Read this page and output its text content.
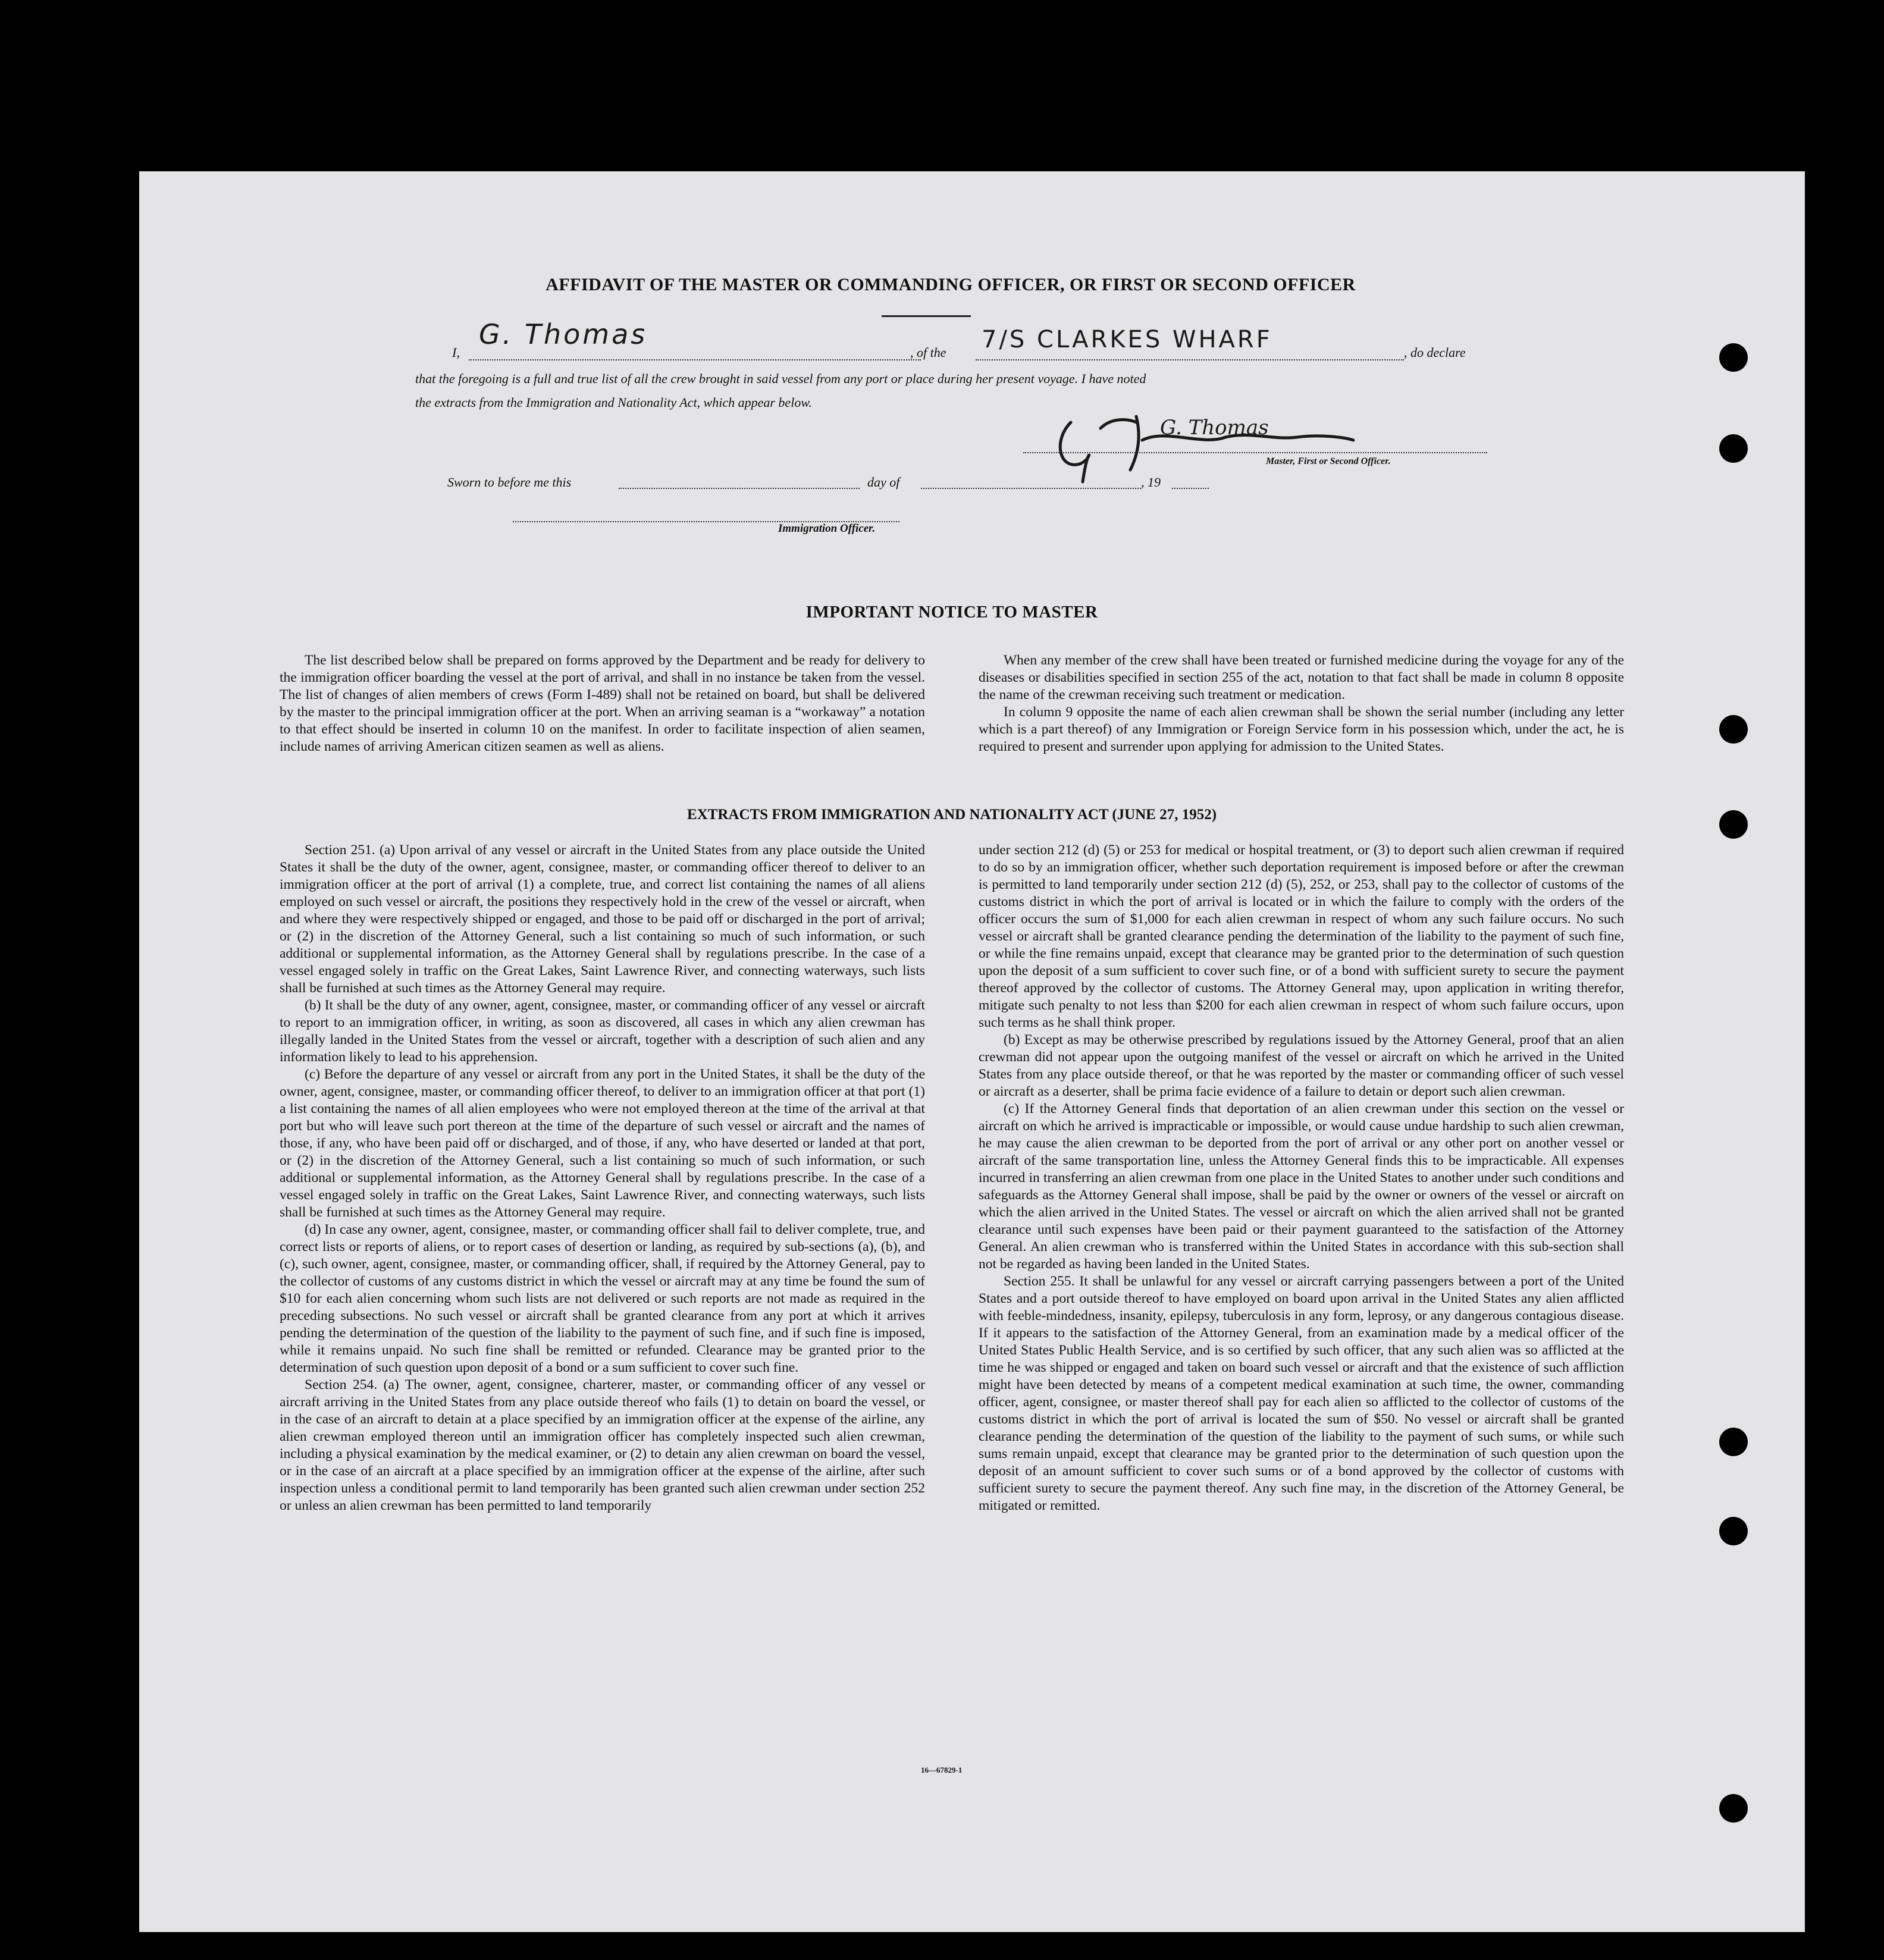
AFFIDAVIT OF THE MASTER OR COMMANDING OFFICER, OR FIRST OR SECOND OFFICER
I,
G. Thomas
, of the 7/S CLARKES WHARF	, do declare
that the foregoing is a full and true list of all the crew brought in said vessel from any port or place during her present voyage. I have noted
the extracts from the Immigration and Nationality Act, which appear below.
G. Thomas
Master, First or Second Officer.
Sworn to before me this	day of	, 19
Immigration Officer.
IMPORTANT NOTICE TO MASTER

The list described below shall be prepared on forms approved by the Department and be ready for delivery to the immigration officer boarding the vessel at the port of arrival, and shall in no instance be taken from the vessel. The list of changes of alien members of crews (Form I-489) shall not be retained on board, but shall be delivered by the master to the principal immigration officer at the port. When an arriving seaman is a “workaway” a notation to that effect should be inserted in column 10 on the manifest. In order to facilitate inspection of alien seamen, include names of arriving American citizen seamen as well as aliens.

When any member of the crew shall have been treated or furnished medicine during the voyage for any of the diseases or disabilities specified in section 255 of the act, notation to that fact shall be made in column 8 opposite the name of the crewman receiving such treatment or medication.

In column 9 opposite the name of each alien crewman shall be shown the serial number (including any letter which is a part thereof) of any Immigration or Foreign Service form in his possession which, under the act, he is required to present and surrender upon applying for admission to the United States.

EXTRACTS FROM IMMIGRATION AND NATIONALITY ACT (JUNE 27, 1952)

Section 251. (a) Upon arrival of any vessel or aircraft in the United States from any place outside the United States it shall be the duty of the owner, agent, consignee, master, or commanding officer thereof to deliver to an immigration officer at the port of arrival (1) a complete, true, and correct list containing the names of all aliens employed on such vessel or aircraft, the positions they respectively hold in the crew of the vessel or aircraft, when and where they were respectively shipped or engaged, and those to be paid off or discharged in the port of arrival; or (2) in the discretion of the Attorney General, such a list containing so much of such information, or such additional or supplemental information, as the Attorney General shall by regulations prescribe. In the case of a vessel engaged solely in traffic on the Great Lakes, Saint Lawrence River, and connecting waterways, such lists shall be furnished at such times as the Attorney General may require.

(b) It shall be the duty of any owner, agent, consignee, master, or commanding officer of any vessel or aircraft to report to an immigration officer, in writing, as soon as discovered, all cases in which any alien crewman has illegally landed in the United States from the vessel or aircraft, together with a description of such alien and any information likely to lead to his apprehension.

(c) Before the departure of any vessel or aircraft from any port in the United States, it shall be the duty of the owner, agent, consignee, master, or commanding officer thereof, to deliver to an immigration officer at that port (1) a list containing the names of all alien employees who were not employed thereon at the time of the arrival at that port but who will leave such port thereon at the time of the departure of such vessel or aircraft and the names of those, if any, who have been paid off or discharged, and of those, if any, who have deserted or landed at that port, or (2) in the discretion of the Attorney General, such a list containing so much of such information, or such additional or supplemental information, as the Attorney General shall by regulations prescribe. In the case of a vessel engaged solely in traffic on the Great Lakes, Saint Lawrence River, and connecting waterways, such lists shall be furnished at such times as the Attorney General may require.

(d) In case any owner, agent, consignee, master, or commanding officer shall fail to deliver complete, true, and correct lists or reports of aliens, or to report cases of desertion or landing, as required by sub-sections (a), (b), and (c), such owner, agent, consignee, master, or commanding officer, shall, if required by the Attorney General, pay to the collector of customs of any customs district in which the vessel or aircraft may at any time be found the sum of $10 for each alien concerning whom such lists are not delivered or such reports are not made as required in the preceding subsections. No such vessel or aircraft shall be granted clearance from any port at which it arrives pending the determination of the question of the liability to the payment of such fine, and if such fine is imposed, while it remains unpaid. No such fine shall be remitted or refunded. Clearance may be granted prior to the determination of such question upon deposit of a bond or a sum sufficient to cover such fine.

Section 254. (a) The owner, agent, consignee, charterer, master, or commanding officer of any vessel or aircraft arriving in the United States from any place outside thereof who fails (1) to detain on board the vessel, or in the case of an aircraft to detain at a place specified by an immigration officer at the expense of the airline, any alien crewman employed thereon until an immigration officer has completely inspected such alien crewman, including a physical examination by the medical examiner, or (2) to detain any alien crewman on board the vessel, or in the case of an aircraft at a place specified by an immigration officer at the expense of the airline, after such inspection unless a conditional permit to land temporarily has been granted such alien crewman under section 252 or unless an alien crewman has been permitted to land temporarily

under section 212 (d) (5) or 253 for medical or hospital treatment, or (3) to deport such alien crewman if required to do so by an immigration officer, whether such deportation requirement is imposed before or after the crewman is permitted to land temporarily under section 212 (d) (5), 252, or 253, shall pay to the collector of customs of the customs district in which the port of arrival is located or in which the failure to comply with the orders of the officer occurs the sum of $1,000 for each alien crewman in respect of whom any such failure occurs. No such vessel or aircraft shall be granted clearance pending the determination of the liability to the payment of such fine, or while the fine remains unpaid, except that clearance may be granted prior to the determination of such question upon the deposit of a sum sufficient to cover such fine, or of a bond with sufficient surety to secure the payment thereof approved by the collector of customs. The Attorney General may, upon application in writing therefor, mitigate such penalty to not less than $200 for each alien crewman in respect of whom such failure occurs, upon such terms as he shall think proper.

(b) Except as may be otherwise prescribed by regulations issued by the Attorney General, proof that an alien crewman did not appear upon the outgoing manifest of the vessel or aircraft on which he arrived in the United States from any place outside thereof, or that he was reported by the master or commanding officer of such vessel or aircraft as a deserter, shall be prima facie evidence of a failure to detain or deport such alien crewman.

(c) If the Attorney General finds that deportation of an alien crewman under this section on the vessel or aircraft on which he arrived is impracticable or impossible, or would cause undue hardship to such alien crewman, he may cause the alien crewman to be deported from the port of arrival or any other port on another vessel or aircraft of the same transportation line, unless the Attorney General finds this to be impracticable. All expenses incurred in transferring an alien crewman from one place in the United States to another under such conditions and safeguards as the Attorney General shall impose, shall be paid by the owner or owners of the vessel or aircraft on which the alien arrived in the United States. The vessel or aircraft on which the alien arrived shall not be granted clearance until such expenses have been paid or their payment guaranteed to the satisfaction of the Attorney General. An alien crewman who is transferred within the United States in accordance with this sub-section shall not be regarded as having been landed in the United States.

Section 255. It shall be unlawful for any vessel or aircraft carrying passengers between a port of the United States and a port outside thereof to have employed on board upon arrival in the United States any alien afflicted with feeble-mindedness, insanity, epilepsy, tuberculosis in any form, leprosy, or any dangerous contagious disease. If it appears to the satisfaction of the Attorney General, from an examination made by a medical officer of the United States Public Health Service, and is so certified by such officer, that any such alien was so afflicted at the time he was shipped or engaged and taken on board such vessel or aircraft and that the existence of such affliction might have been detected by means of a competent medical examination at such time, the owner, commanding officer, agent, consignee, or master thereof shall pay for each alien so afflicted to the collector of customs of the customs district in which the port of arrival is located the sum of $50. No vessel or aircraft shall be granted clearance pending the determination of the question of the liability to the payment of such sums, or while such sums remain unpaid, except that clearance may be granted prior to the determination of such question upon the deposit of an amount sufficient to cover such sums or of a bond approved by the collector of customs with sufficient surety to secure the payment thereof. Any such fine may, in the discretion of the Attorney General, be mitigated or remitted.

16—67829-1
